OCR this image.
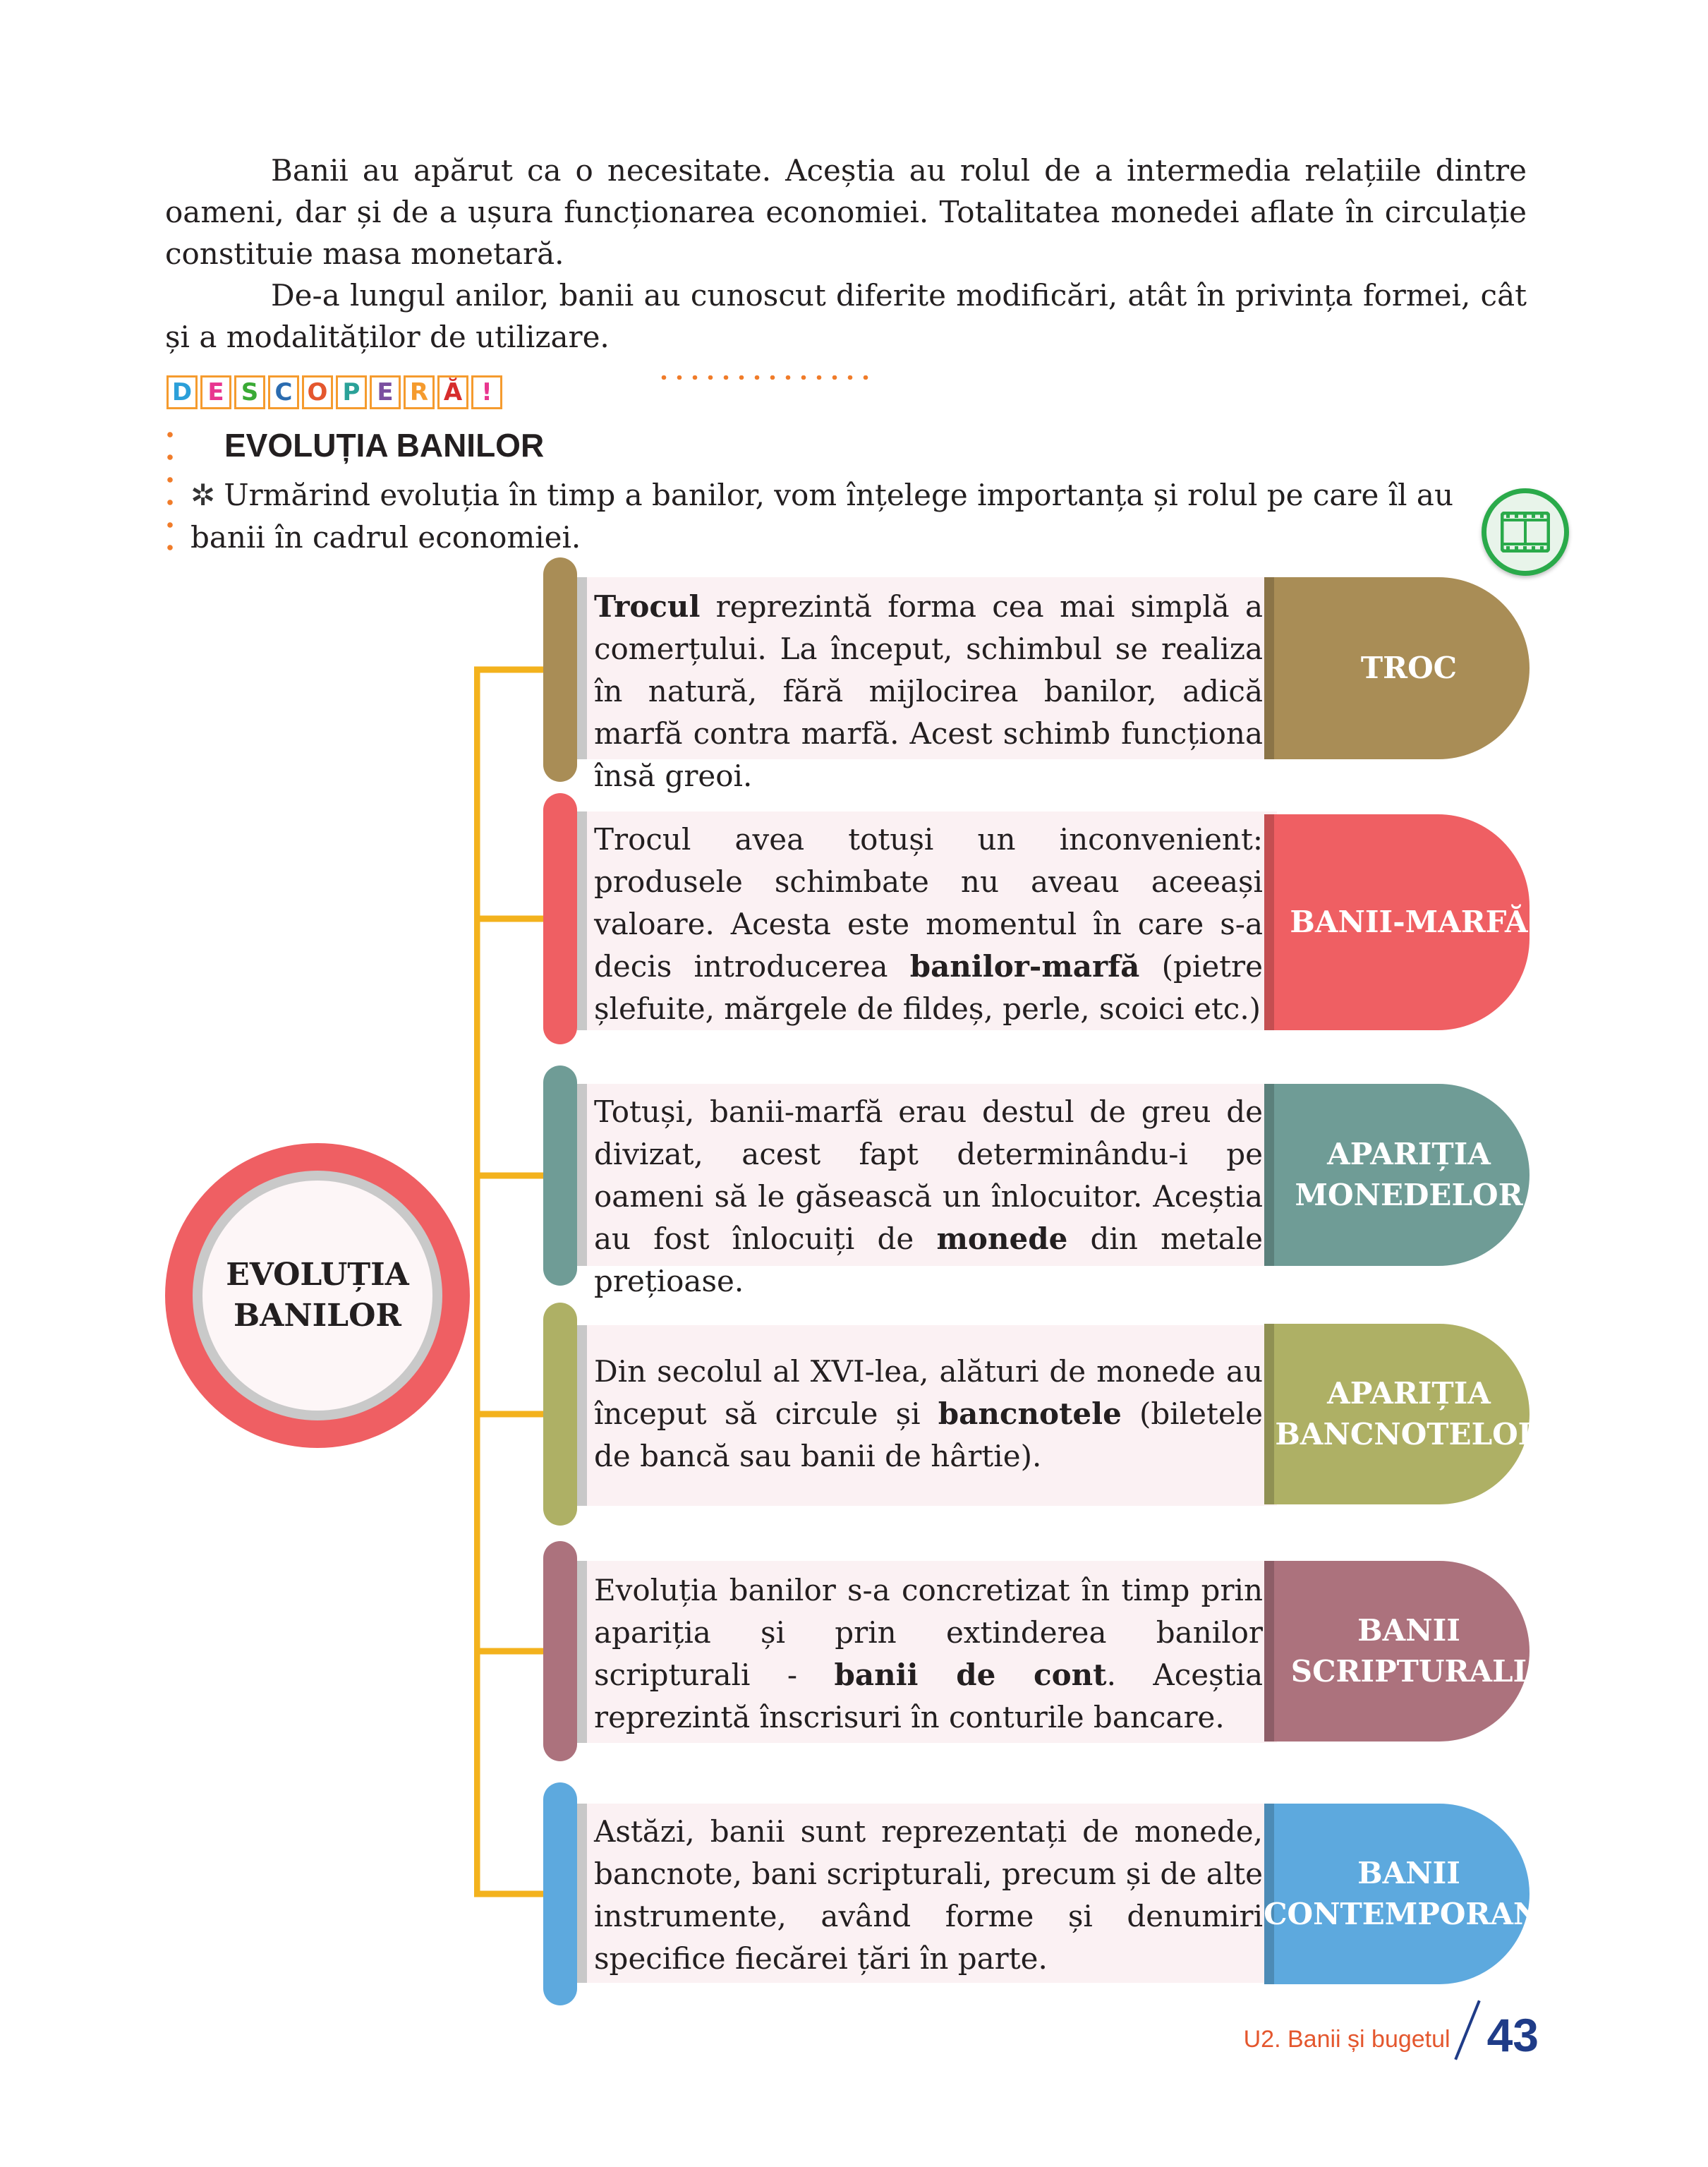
Banii au apărut ca o necesitate. Aceștia au rolul de a intermedia relațiile dintre oameni, dar și de a ușura funcționarea economiei. Totalitatea monedei aflate în circulație constituie masa monetară.

De-a lungul anilor, banii au cunoscut diferite modificări, atât în privința formei, cât și a modalităților de utilizare.

D E S C O P E R Ă !
EVOLUȚIA BANILOR

✲ Urmărind evoluția în timp a banilor, vom înțelege importanța și rolul pe care îl au banii în cadrul economiei.

EVOLUȚIA
BANILOR

Trocul reprezintă forma cea mai simplă a comerțului. La început, schimbul se realiza în natură, fără mijlocirea banilor, adică marfă contra marfă. Acest schimb funcționa însă greoi.

TROC

Trocul avea totuși un inconvenient: produsele schimbate nu aveau aceeași valoare. Acesta este momentul în care s-a decis introducerea banilor-marfă (pietre șlefuite, mărgele de fildeș, perle, scoici etc.)

BANII-MARFĂ

Totuși, banii-marfă erau destul de greu de divizat, acest fapt determinându-i pe oameni să le găsească un înlocuitor. Aceștia au fost înlocuiți de monede din metale prețioase.

APARIȚIA
MONEDELOR

Din secolul al XVI-lea, alături de monede au început să circule și bancnotele (biletele de bancă sau banii de hârtie).

APARIȚIA
BANCNOTELOR

Evoluția banilor s-a concretizat în timp prin apariția și prin extinderea banilor scripturali - banii de cont. Aceștia reprezintă înscrisuri în conturile bancare.

BANII
SCRIPTURALI

Astăzi, banii sunt reprezentați de monede, bancnote, bani scripturali, precum și de alte instrumente, având forme și denumiri specifice fiecărei țări în parte.

BANII
CONTEMPORANI
U2. Banii și bugetul 43
